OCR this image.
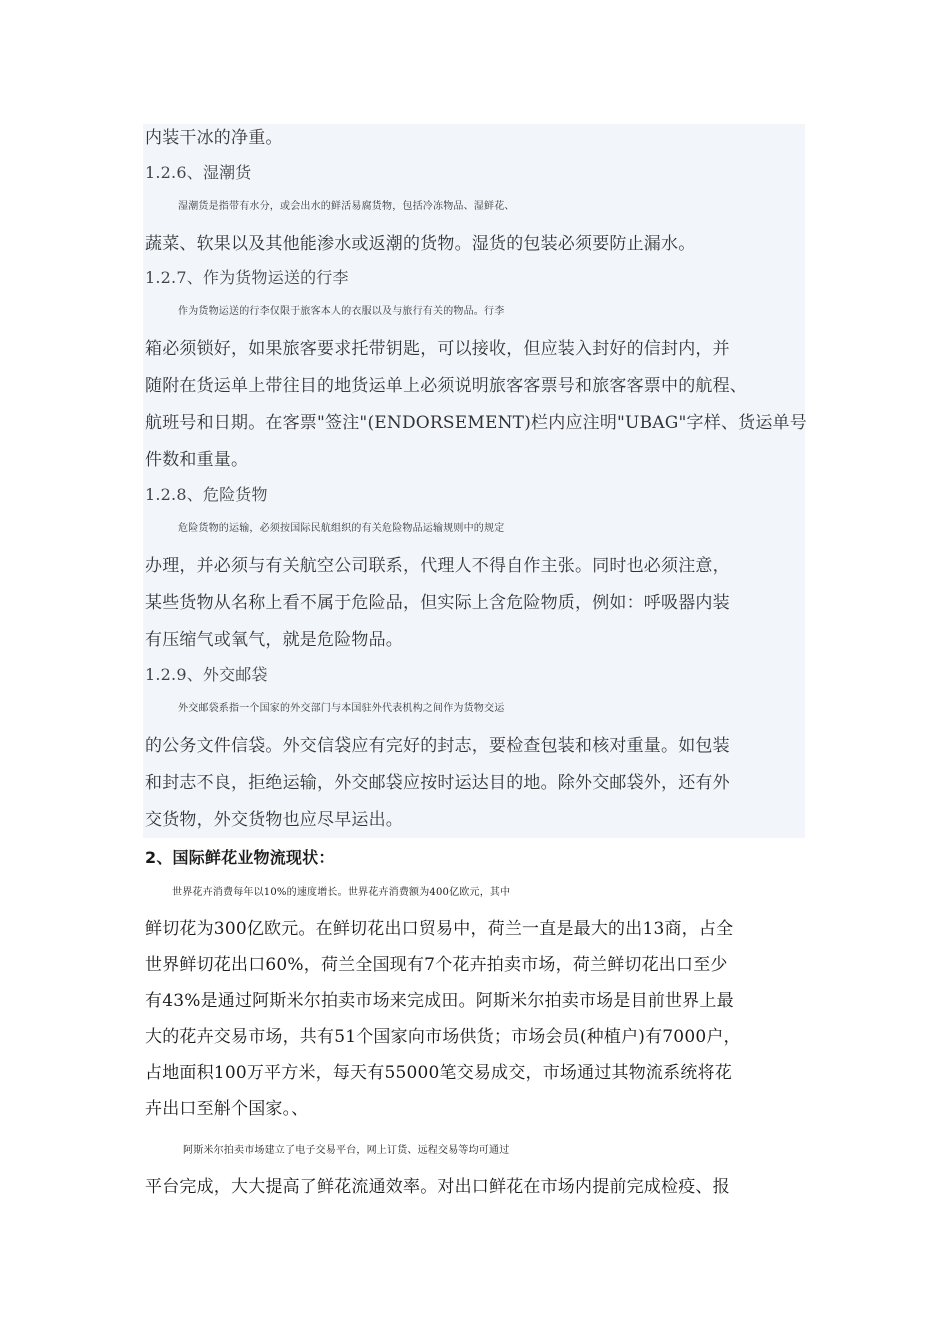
内装干冰的净重。
1.2.6、湿潮货
湿潮货是指带有水分，或会出水的鲜活易腐货物，包括冷冻物品、湿鲜花、
蔬菜、软果以及其他能渗水或返潮的货物。湿货的包装必须要防止漏水。
1.2.7、作为货物运送的行李
作为货物运送的行李仅限于旅客本人的衣服以及与旅行有关的物品。行李
箱必须锁好，如果旅客要求托带钥匙，可以接收，但应装入封好的信封内，并
随附在货运单上带往目的地货运单上必须说明旅客客票号和旅客客票中的航程、
航班号和日期。在客票"签注"(ENDORSEMENT)栏内应注明"UBAG"字样、货运单号
件数和重量。
1.2.8、危险货物
危险货物的运输，必须按国际民航组织的有关危险物品运输规则中的规定
办理，并必须与有关航空公司联系，代理人不得自作主张。同时也必须注意，
某些货物从名称上看不属于危险品，但实际上含危险物质，例如：呼吸器内装
有压缩气或氧气，就是危险物品。
1.2.9、外交邮袋
外交邮袋系指一个国家的外交部门与本国驻外代表机构之间作为货物交运
的公务文件信袋。外交信袋应有完好的封志，要检查包装和核对重量。如包装
和封志不良，拒绝运输，外交邮袋应按时运达目的地。除外交邮袋外，还有外
交货物，外交货物也应尽早运出。
2、国际鲜花业物流现状：
世界花卉消费每年以10%的速度增长。世界花卉消费额为400亿欧元，其中
鲜切花为300亿欧元。在鲜切花出口贸易中，荷兰一直是最大的出13商，占全
世界鲜切花出口60%，荷兰全国现有7个花卉拍卖市场，荷兰鲜切花出口至少
有43%是通过阿斯米尔拍卖市场来完成田。阿斯米尔拍卖市场是目前世界上最
大的花卉交易市场，共有51个国家向市场供货；市场会员(种植户)有7000户，
占地面积100万平方米，每天有55000笔交易成交，市场通过其物流系统将花
卉出口至斛个国家。、
阿斯米尔拍卖市场建立了电子交易平台，网上订货、远程交易等均可通过
平台完成，大大提高了鲜花流通效率。对出口鲜花在市场内提前完成检疫、报
